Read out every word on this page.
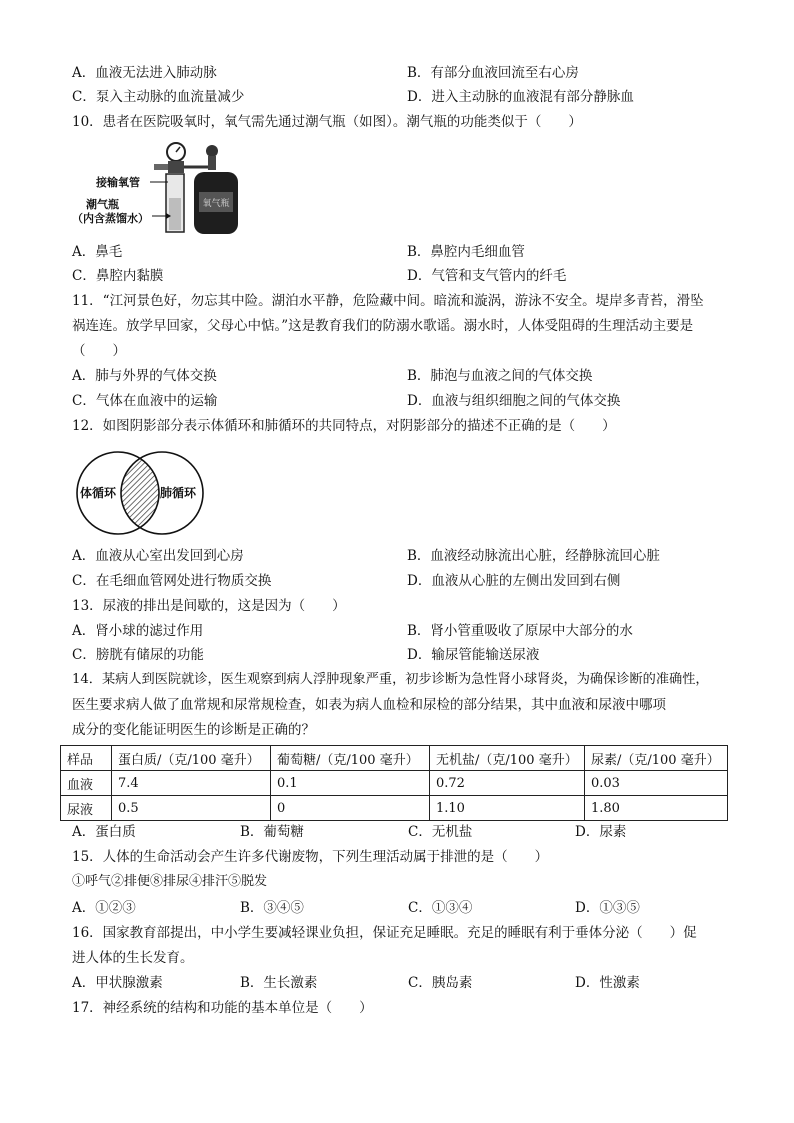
A．血液无法进入肺动脉	B．有部分血液回流至右心房
C．泵入主动脉的血流量减少	D．进入主动脉的血液混有部分静脉血
10．患者在医院吸氧时，氧气需先通过潮气瓶（如图）。潮气瓶的功能类似于（　　）
氧气瓶
接输氧管
潮气瓶
（内含蒸馏水）
A．鼻毛	B．鼻腔内毛细血管
C．鼻腔内黏膜	D．气管和支气管内的纤毛
11．“江河景色好，勿忘其中险。湖泊水平静，危险藏中间。暗流和漩涡，游泳不安全。堤岸多青苔，滑坠
祸连连。放学早回家，父母心中惦。”这是教育我们的防溺水歌谣。溺水时，人体受阻碍的生理活动主要是
（　　）
A．肺与外界的气体交换	B．肺泡与血液之间的气体交换
C．气体在血液中的运输	D．血液与组织细胞之间的气体交换
12．如图阴影部分表示体循环和肺循环的共同特点，对阴影部分的描述不正确的是（　　）
体循环	肺循环
A．血液从心室出发回到心房	B．血液经动脉流出心脏，经静脉流回心脏
C．在毛细血管网处进行物质交换	D．血液从心脏的左侧出发回到右侧
13．尿液的排出是间歇的，这是因为（　　）
A．肾小球的滤过作用	B．肾小管重吸收了原尿中大部分的水
C．膀胱有储尿的功能	D．输尿管能输送尿液
14．某病人到医院就诊，医生观察到病人浮肿现象严重，初步诊断为急性肾小球肾炎，为确保诊断的准确性，
医生要求病人做了血常规和尿常规检查，如表为病人血检和尿检的部分结果，其中血液和尿液中哪项
成分的变化能证明医生的诊断是正确的？
样品	蛋白质/（克/100 毫升）	葡萄糖/（克/100 毫升）	无机盐/（克/100 毫升）	尿素/（克/100 毫升）
血液	7.4	0.1	0.72	0.03
尿液	0.5	0	1.10	1.80
A．蛋白质	B．葡萄糖	C．无机盐	D．尿素
15．人体的生命活动会产生许多代谢废物，下列生理活动属于排泄的是（　　）
①呼气②排便⑧排尿④排汗⑤脱发
A．①②③	B．③④⑤	C．①③④	D．①③⑤
16．国家教育部提出，中小学生要减轻课业负担，保证充足睡眠。充足的睡眠有利于垂体分泌（　　）促
进人体的生长发育。
A．甲状腺激素	B．生长激素	C．胰岛素	D．性激素
17．神经系统的结构和功能的基本单位是（　　）
